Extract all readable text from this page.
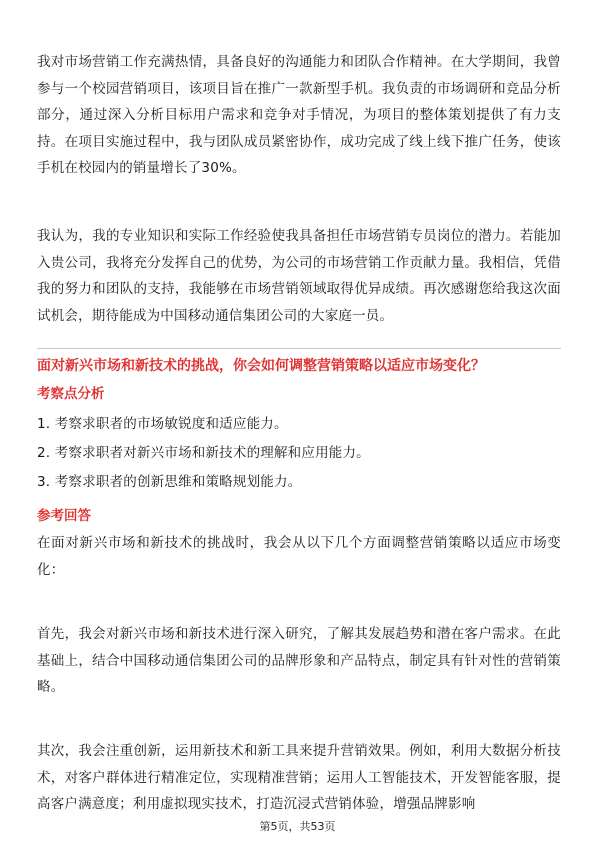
我对市场营销工作充满热情，具备良好的沟通能力和团队合作精神。在大学期间，我曾参与一个校园营销项目，该项目旨在推广一款新型手机。我负责的市场调研和竞品分析部分，通过深入分析目标用户需求和竞争对手情况，为项目的整体策划提供了有力支持。在项目实施过程中，我与团队成员紧密协作，成功完成了线上线下推广任务，使该手机在校园内的销量增长了30%。

我认为，我的专业知识和实际工作经验使我具备担任市场营销专员岗位的潜力。若能加入贵公司，我将充分发挥自己的优势，为公司的市场营销工作贡献力量。我相信，凭借我的努力和团队的支持，我能够在市场营销领域取得优异成绩。再次感谢您给我这次面试机会，期待能成为中国移动通信集团公司的大家庭一员。

面对新兴市场和新技术的挑战，你会如何调整营销策略以适应市场变化？

考察点分析

1. 考察求职者的市场敏锐度和适应能力。
2. 考察求职者对新兴市场和新技术的理解和应用能力。
3. 考察求职者的创新思维和策略规划能力。

参考回答

在面对新兴市场和新技术的挑战时，我会从以下几个方面调整营销策略以适应市场变化：

首先，我会对新兴市场和新技术进行深入研究，了解其发展趋势和潜在客户需求。在此基础上，结合中国移动通信集团公司的品牌形象和产品特点，制定具有针对性的营销策略。

其次，我会注重创新，运用新技术和新工具来提升营销效果。例如，利用大数据分析技术，对客户群体进行精准定位，实现精准营销；运用人工智能技术，开发智能客服，提高客户满意度；利用虚拟现实技术，打造沉浸式营销体验，增强品牌影响

第5页，共53页
